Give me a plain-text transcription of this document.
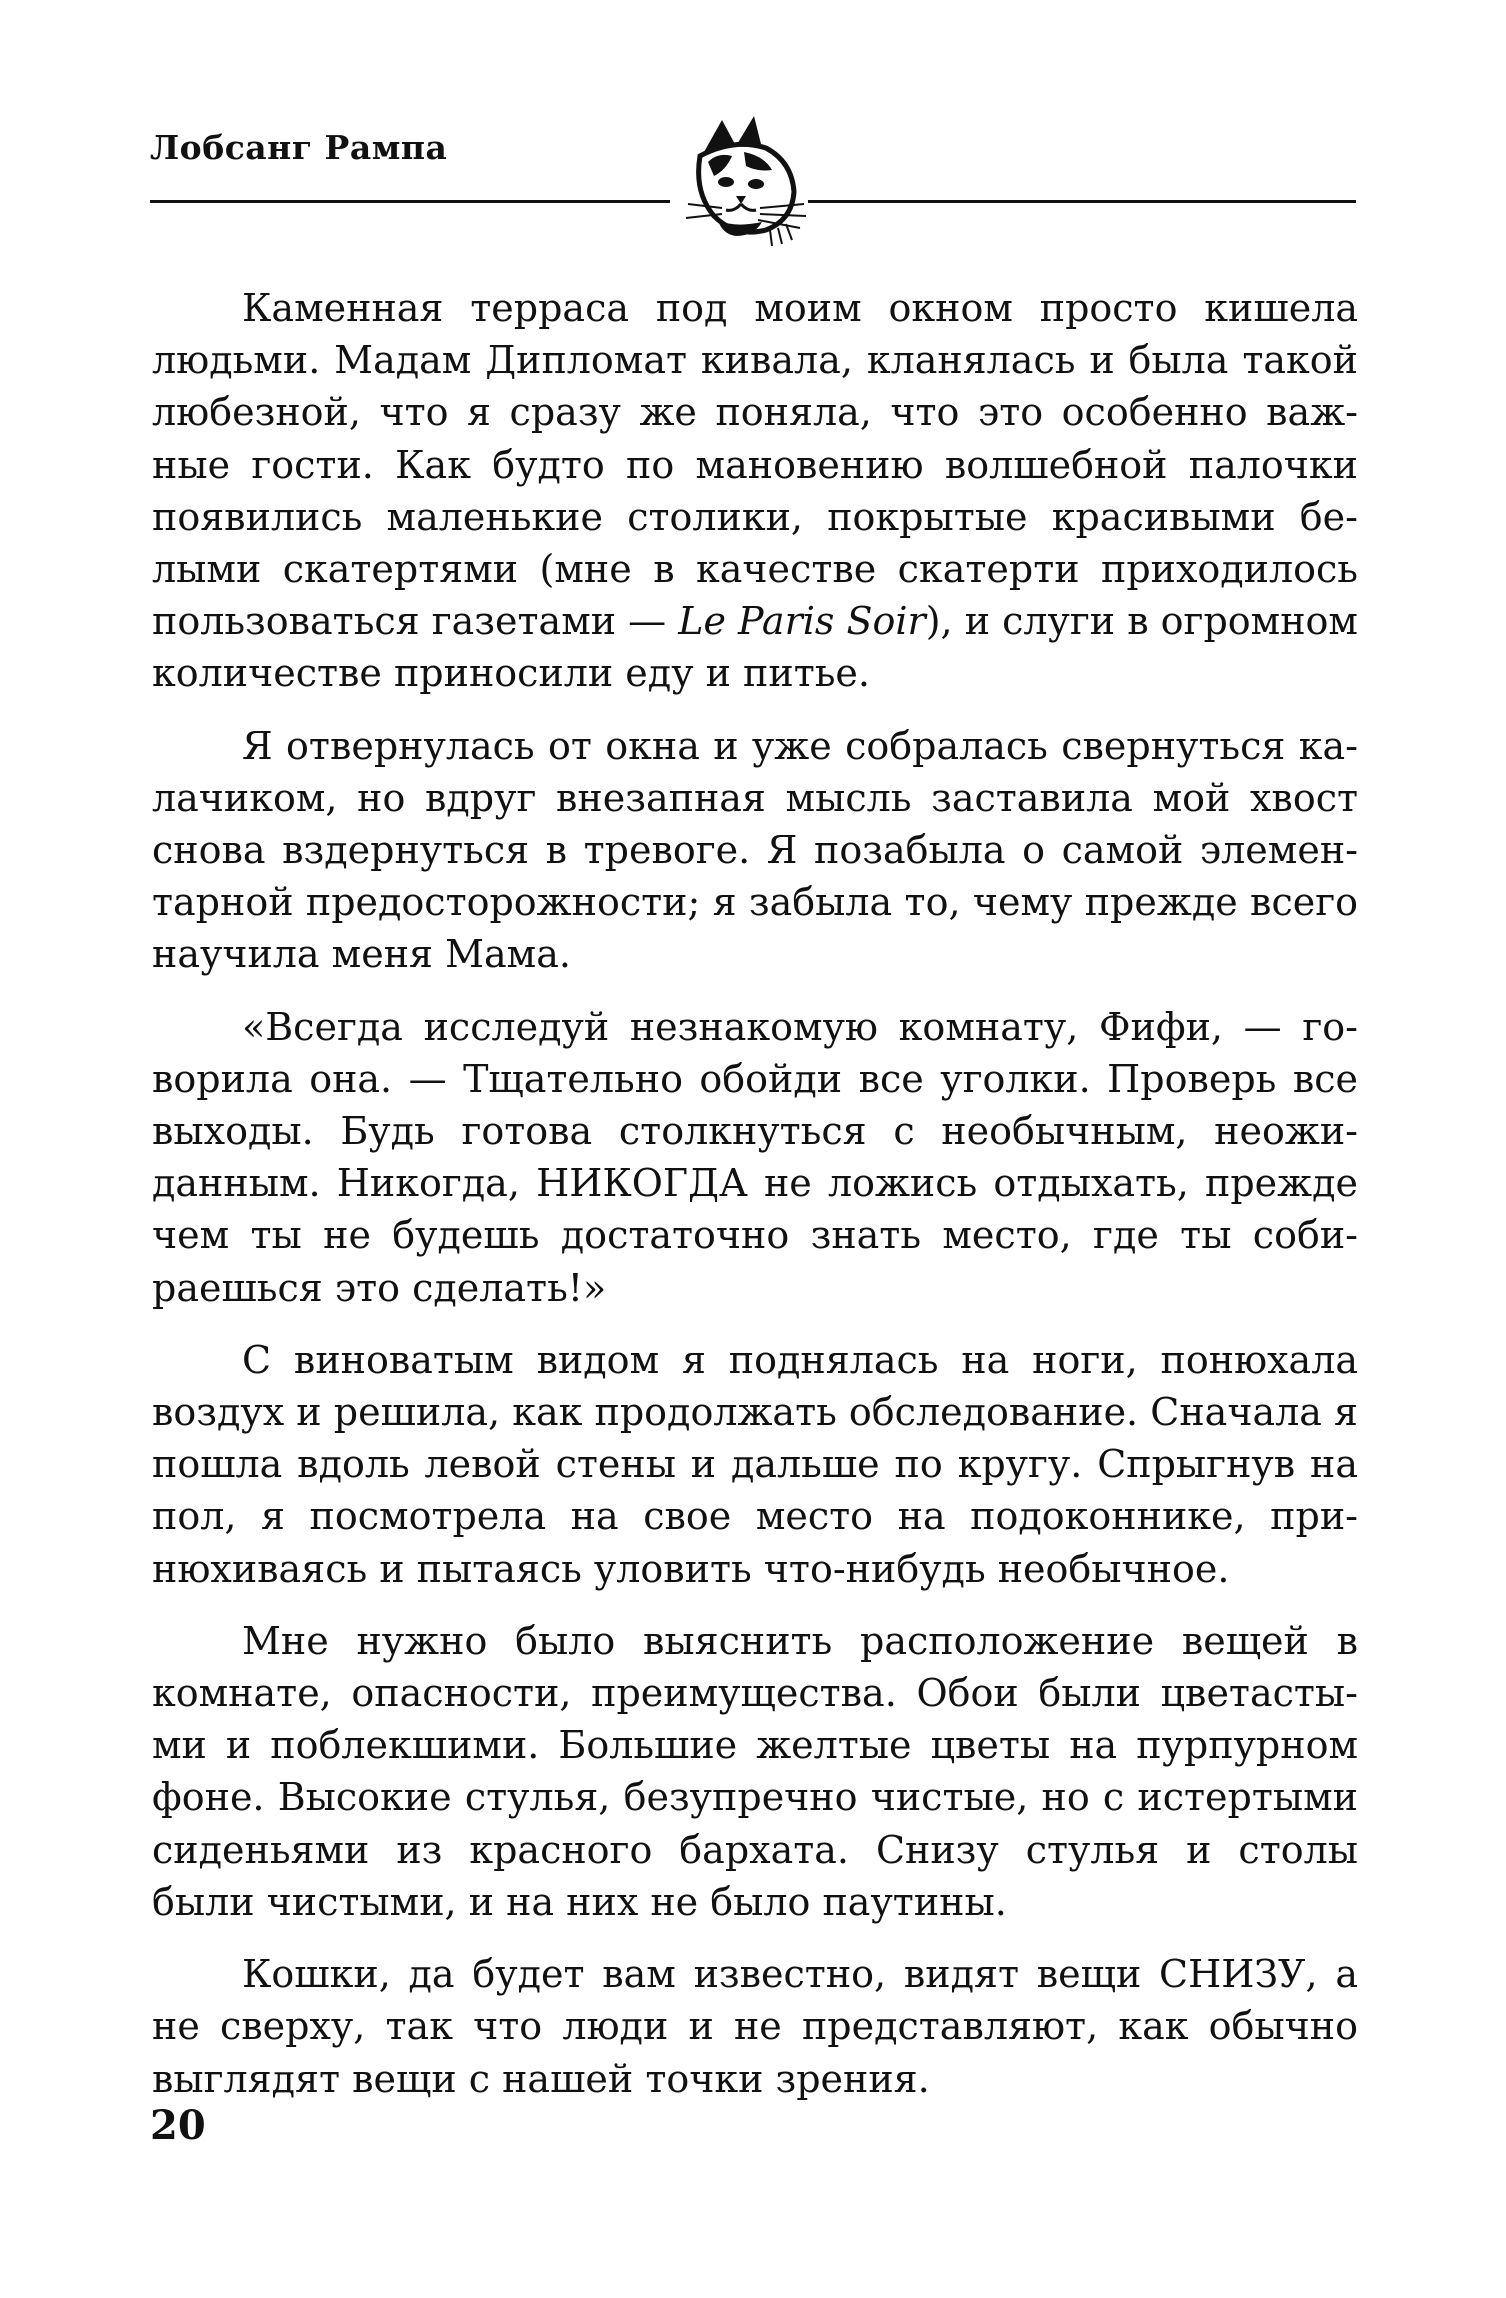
Лобсанг Рампа

Каменная терраса под моим окном просто кишела людьми. Мадам Дипломат кивала, кланялась и была такой любезной, что я сразу же поняла, что это особенно важные гости. Как будто по мановению волшебной палочки появились маленькие столики, покрытые красивыми белыми скатертями (мне в качестве скатерти приходилось пользоваться газетами — Le Paris Soir), и слуги в огромном количестве приносили еду и питье.

Я отвернулась от окна и уже собралась свернуться калачиком, но вдруг внезапная мысль заставила мой хвост снова вздернуться в тревоге. Я позабыла о самой элементарной предосторожности; я забыла то, чему прежде всего научила меня Мама.

«Всегда исследуй незнакомую комнату, Фифи, — говорила она. — Тщательно обойди все уголки. Проверь все выходы. Будь готова столкнуться с необычным, неожиданным. Никогда, НИКОГДА не ложись отдыхать, прежде чем ты не будешь достаточно знать место, где ты собираешься это сделать!»

С виноватым видом я поднялась на ноги, понюхала воздух и решила, как продолжать обследование. Сначала я пошла вдоль левой стены и дальше по кругу. Спрыгнув на пол, я посмотрела на свое место на подоконнике, принюхиваясь и пытаясь уловить что-нибудь необычное.

Мне нужно было выяснить расположение вещей в комнате, опасности, преимущества. Обои были цветастыми и поблекшими. Большие желтые цветы на пурпурном фоне. Высокие стулья, безупречно чистые, но с истертыми сиденьями из красного бархата. Снизу стулья и столы были чистыми, и на них не было паутины.

Кошки, да будет вам известно, видят вещи СНИЗУ, а не сверху, так что люди и не представляют, как обычно выглядят вещи с нашей точки зрения.

20
